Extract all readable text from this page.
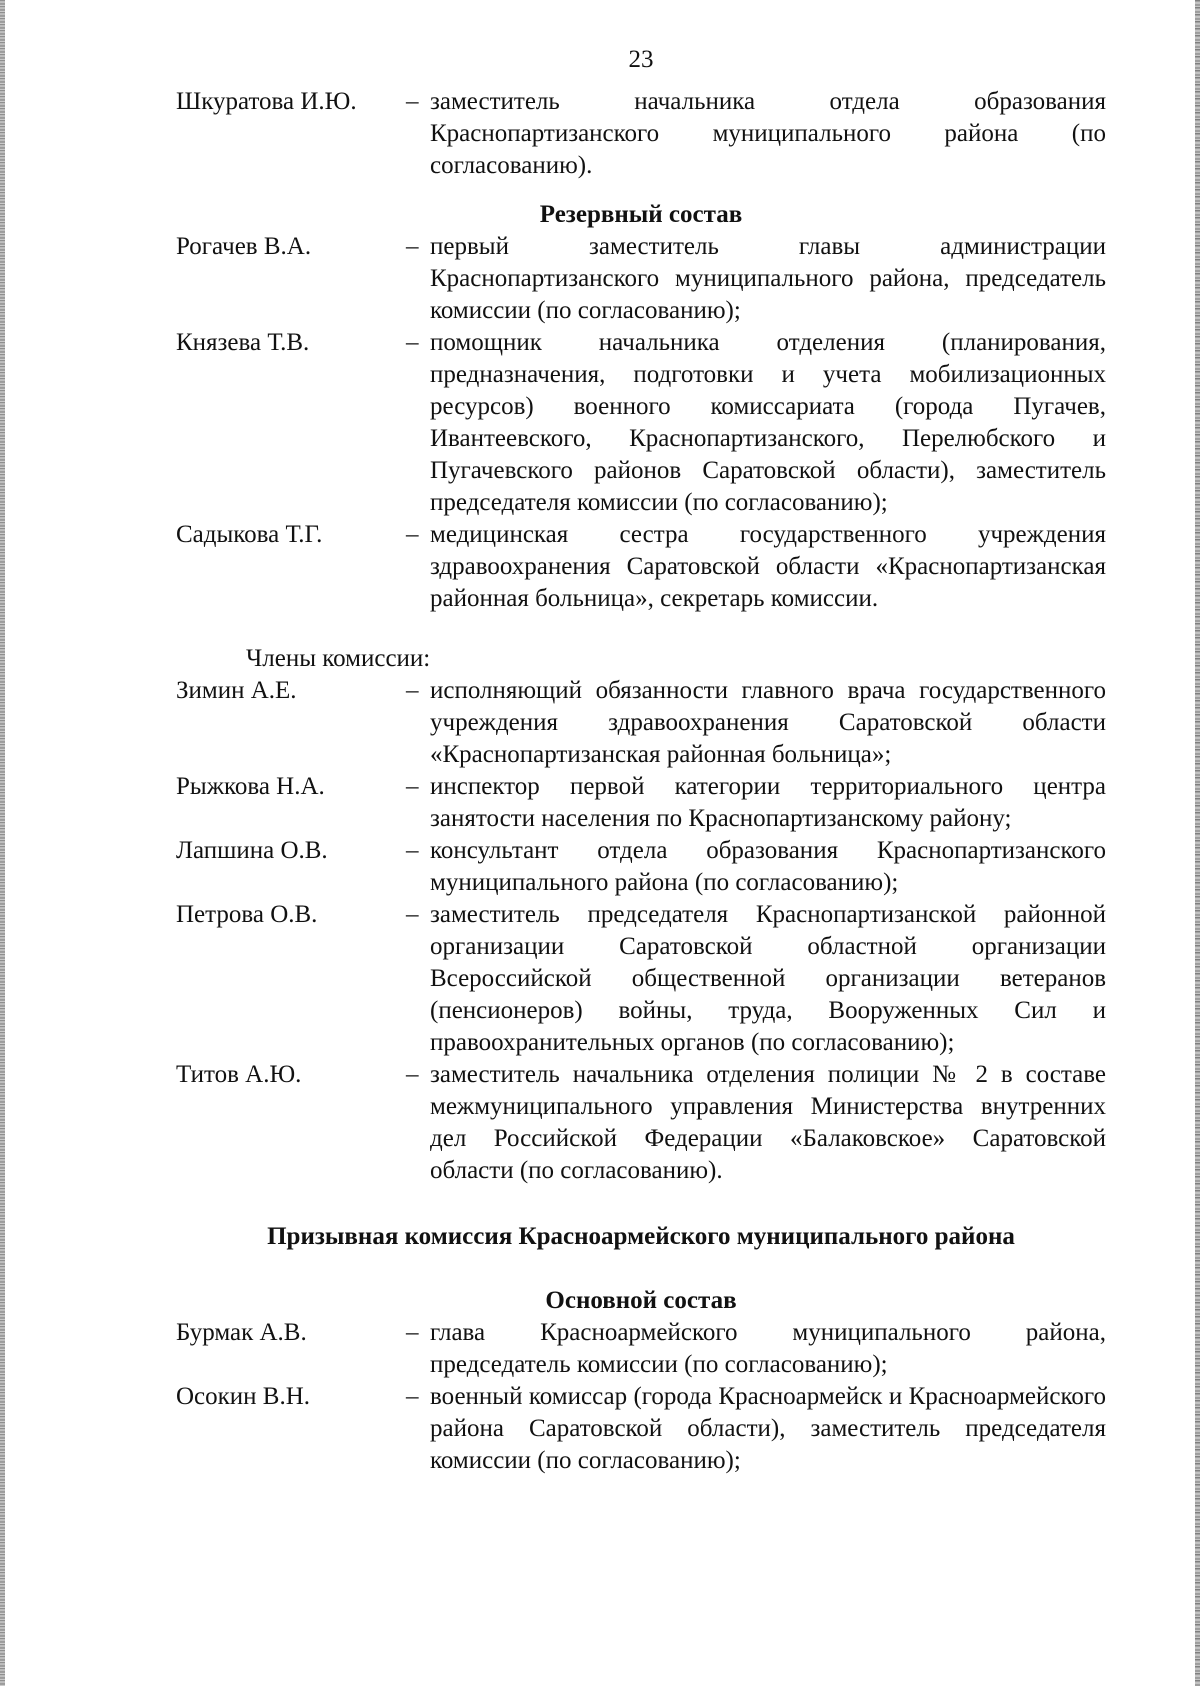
23
Шкуратова И.Ю.	– заместитель начальника отдела образования Краснопартизанского муниципального района (по согласованию).
Резервный состав
Рогачев В.А.	– первый заместитель главы администрации Краснопартизанского муниципального района, председатель комиссии (по согласованию);
Князева Т.В.	– помощник начальника отделения (планирования, предназначения, подготовки и учета мобилизационных ресурсов) военного комиссариата (города Пугачев, Ивантеевского, Краснопартизанского, Перелюбского и Пугачевского районов Саратовской области), заместитель председателя комиссии (по согласованию);
Садыкова Т.Г.	– медицинская сестра государственного учреждения здравоохранения Саратовской области «Краснопартизанская районная больница», секретарь комиссии.
Члены комиссии:
Зимин А.Е.	– исполняющий обязанности главного врача государственного учреждения здравоохранения Саратовской области «Краснопартизанская районная больница»;
Рыжкова Н.А.	– инспектор первой категории территориального центра занятости населения по Краснопартизанскому району;
Лапшина О.В.	– консультант отдела образования Краснопартизанского муниципального района (по согласованию);
Петрова О.В.	– заместитель председателя Краснопартизанской районной организации Саратовской областной организации Всероссийской общественной организации ветеранов (пенсионеров) войны, труда, Вооруженных Сил и правоохранительных органов (по согласованию);
Титов А.Ю.	– заместитель начальника отделения полиции № 2 в составе межмуниципального управления Министерства внутренних дел Российской Федерации «Балаковское» Саратовской области (по согласованию).
Призывная комиссия Красноармейского муниципального района
Основной состав
Бурмак А.В.	– глава Красноармейского муниципального района, председатель комиссии (по согласованию);
Осокин В.Н.	– военный комиссар (города Красноармейск и Красноармейского района Саратовской области), заместитель председателя комиссии (по согласованию);
